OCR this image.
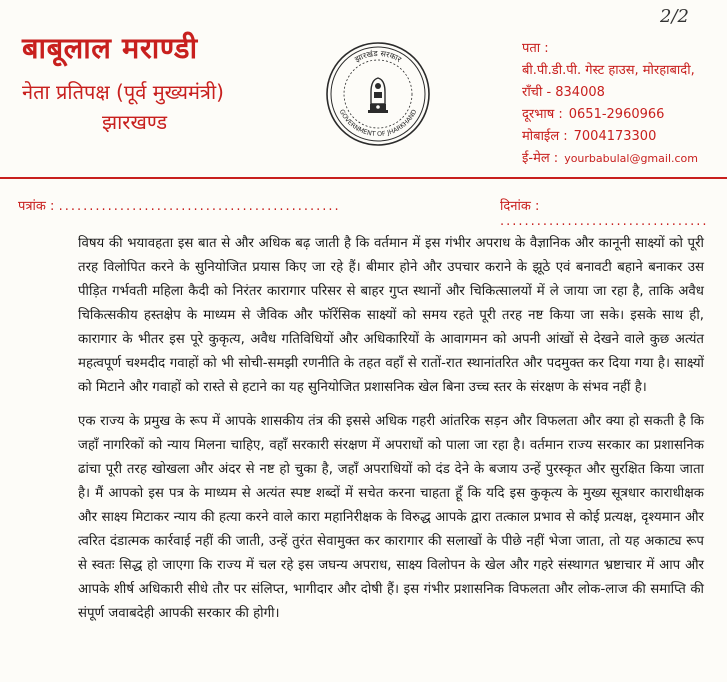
2/2
बाबूलाल मराण्डी
नेता प्रतिपक्ष (पूर्व मुख्यमंत्री)
झारखण्ड
झारखंड सरकार
GOVERNMENT OF JHARKHAND
पता :
बी.पी.डी.पी. गेस्ट हाउस, मोरहाबादी,
राँची - 834008
दूरभाष : 0651-2960966
मोबाईल : 7004173300
ई-मेल : yourbabulal@gmail.com
पत्रांक : ..............................................	दिनांक : ..................................

विषय की भयावहता इस बात से और अधिक बढ़ जाती है कि वर्तमान में इस गंभीर अपराध के वैज्ञानिक और कानूनी साक्ष्यों को पूरी तरह विलोपित करने के सुनियोजित प्रयास किए जा रहे हैं। बीमार होने और उपचार कराने के झूठे एवं बनावटी बहाने बनाकर उस पीड़ित गर्भवती महिला कैदी को निरंतर कारागार परिसर से बाहर गुप्त स्थानों और चिकित्सालयों में ले जाया जा रहा है, ताकि अवैध चिकित्सकीय हस्तक्षेप के माध्यम से जैविक और फॉरेंसिक साक्ष्यों को समय रहते पूरी तरह नष्ट किया जा सके। इसके साथ ही, कारागार के भीतर इस पूरे कुकृत्य, अवैध गतिविधियों और अधिकारियों के आवागमन को अपनी आंखों से देखने वाले कुछ अत्यंत महत्वपूर्ण चश्मदीद गवाहों को भी सोची-समझी रणनीति के तहत वहाँ से रातों-रात स्थानांतरित और पदमुक्त कर दिया गया है। साक्ष्यों को मिटाने और गवाहों को रास्ते से हटाने का यह सुनियोजित प्रशासनिक खेल बिना उच्च स्तर के संरक्षण के संभव नहीं है।

एक राज्य के प्रमुख के रूप में आपके शासकीय तंत्र की इससे अधिक गहरी आंतरिक सड़न और विफलता और क्या हो सकती है कि जहाँ नागरिकों को न्याय मिलना चाहिए, वहाँ सरकारी संरक्षण में अपराधों को पाला जा रहा है। वर्तमान राज्य सरकार का प्रशासनिक ढांचा पूरी तरह खोखला और अंदर से नष्ट हो चुका है, जहाँ अपराधियों को दंड देने के बजाय उन्हें पुरस्कृत और सुरक्षित किया जाता है। मैं आपको इस पत्र के माध्यम से अत्यंत स्पष्ट शब्दों में सचेत करना चाहता हूँ कि यदि इस कुकृत्य के मुख्य सूत्रधार काराधीक्षक और साक्ष्य मिटाकर न्याय की हत्या करने वाले कारा महानिरीक्षक के विरुद्ध आपके द्वारा तत्काल प्रभाव से कोई प्रत्यक्ष, दृश्यमान और त्वरित दंडात्मक कार्रवाई नहीं की जाती, उन्हें तुरंत सेवामुक्त कर कारागार की सलाखों के पीछे नहीं भेजा जाता, तो यह अकाट्य रूप से स्वतः सिद्ध हो जाएगा कि राज्य में चल रहे इस जघन्य अपराध, साक्ष्य विलोपन के खेल और गहरे संस्थागत भ्रष्टाचार में आप और आपके शीर्ष अधिकारी सीधे तौर पर संलिप्त, भागीदार और दोषी हैं। इस गंभीर प्रशासनिक विफलता और लोक-लाज की समाप्ति की संपूर्ण जवाबदेही आपकी सरकार की होगी।
